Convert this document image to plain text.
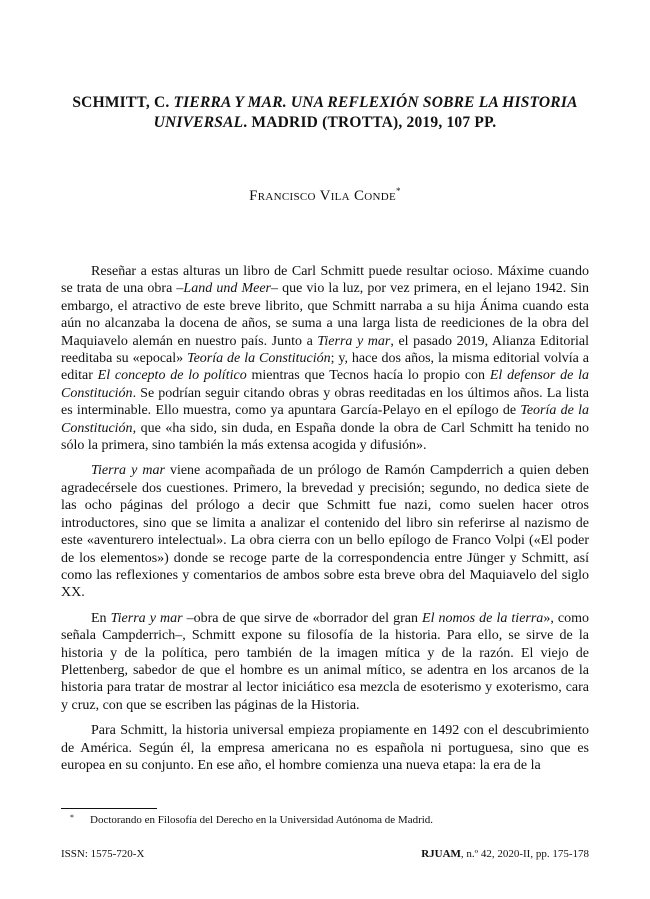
SCHMITT, C. TIERRA Y MAR. UNA REFLEXIÓN SOBRE LA HISTORIA UNIVERSAL. MADRID (TROTTA), 2019, 107 PP.
Francisco Vila Conde*

Reseñar a estas alturas un libro de Carl Schmitt puede resultar ocioso. Máxime cuando se trata de una obra –Land und Meer– que vio la luz, por vez primera, en el lejano 1942. Sin embargo, el atractivo de este breve librito, que Schmitt narraba a su hija Ánima cuando esta aún no alcanzaba la docena de años, se suma a una larga lista de reediciones de la obra del Maquiavelo alemán en nuestro país. Junto a Tierra y mar, el pasado 2019, Alianza Editorial reeditaba su «epocal» Teoría de la Constitución; y, hace dos años, la misma editorial volvía a editar El concepto de lo político mientras que Tecnos hacía lo propio con El defensor de la Constitución. Se podrían seguir citando obras y obras reeditadas en los últimos años. La lista es interminable. Ello muestra, como ya apuntara García-Pelayo en el epílogo de Teoría de la Constitución, que «ha sido, sin duda, en España donde la obra de Carl Schmitt ha tenido no sólo la primera, sino también la más extensa acogida y difusión».

Tierra y mar viene acompañada de un prólogo de Ramón Campderrich a quien deben agradecérsele dos cuestiones. Primero, la brevedad y precisión; segundo, no dedica siete de las ocho páginas del prólogo a decir que Schmitt fue nazi, como suelen hacer otros introductores, sino que se limita a analizar el contenido del libro sin referirse al nazismo de este «aventurero intelectual». La obra cierra con un bello epílogo de Franco Volpi («El poder de los elementos») donde se recoge parte de la correspondencia entre Jünger y Schmitt, así como las reflexiones y comentarios de ambos sobre esta breve obra del Maquiavelo del siglo XX.

En Tierra y mar –obra de que sirve de «borrador del gran El nomos de la tierra», como señala Campderrich–, Schmitt expone su filosofía de la historia. Para ello, se sirve de la historia y de la política, pero también de la imagen mítica y de la razón. El viejo de Plettenberg, sabedor de que el hombre es un animal mítico, se adentra en los arcanos de la historia para tratar de mostrar al lector iniciático esa mezcla de esoterismo y exoterismo, cara y cruz, con que se escriben las páginas de la Historia.

Para Schmitt, la historia universal empieza propiamente en 1492 con el descubrimiento de América. Según él, la empresa americana no es española ni portuguesa, sino que es europea en su conjunto. En ese año, el hombre comienza una nueva etapa: la era de la

* Doctorando en Filosofía del Derecho en la Universidad Autónoma de Madrid.
ISSN: 1575-720-X	RJUAM, n.º 42, 2020-II, pp. 175-178
